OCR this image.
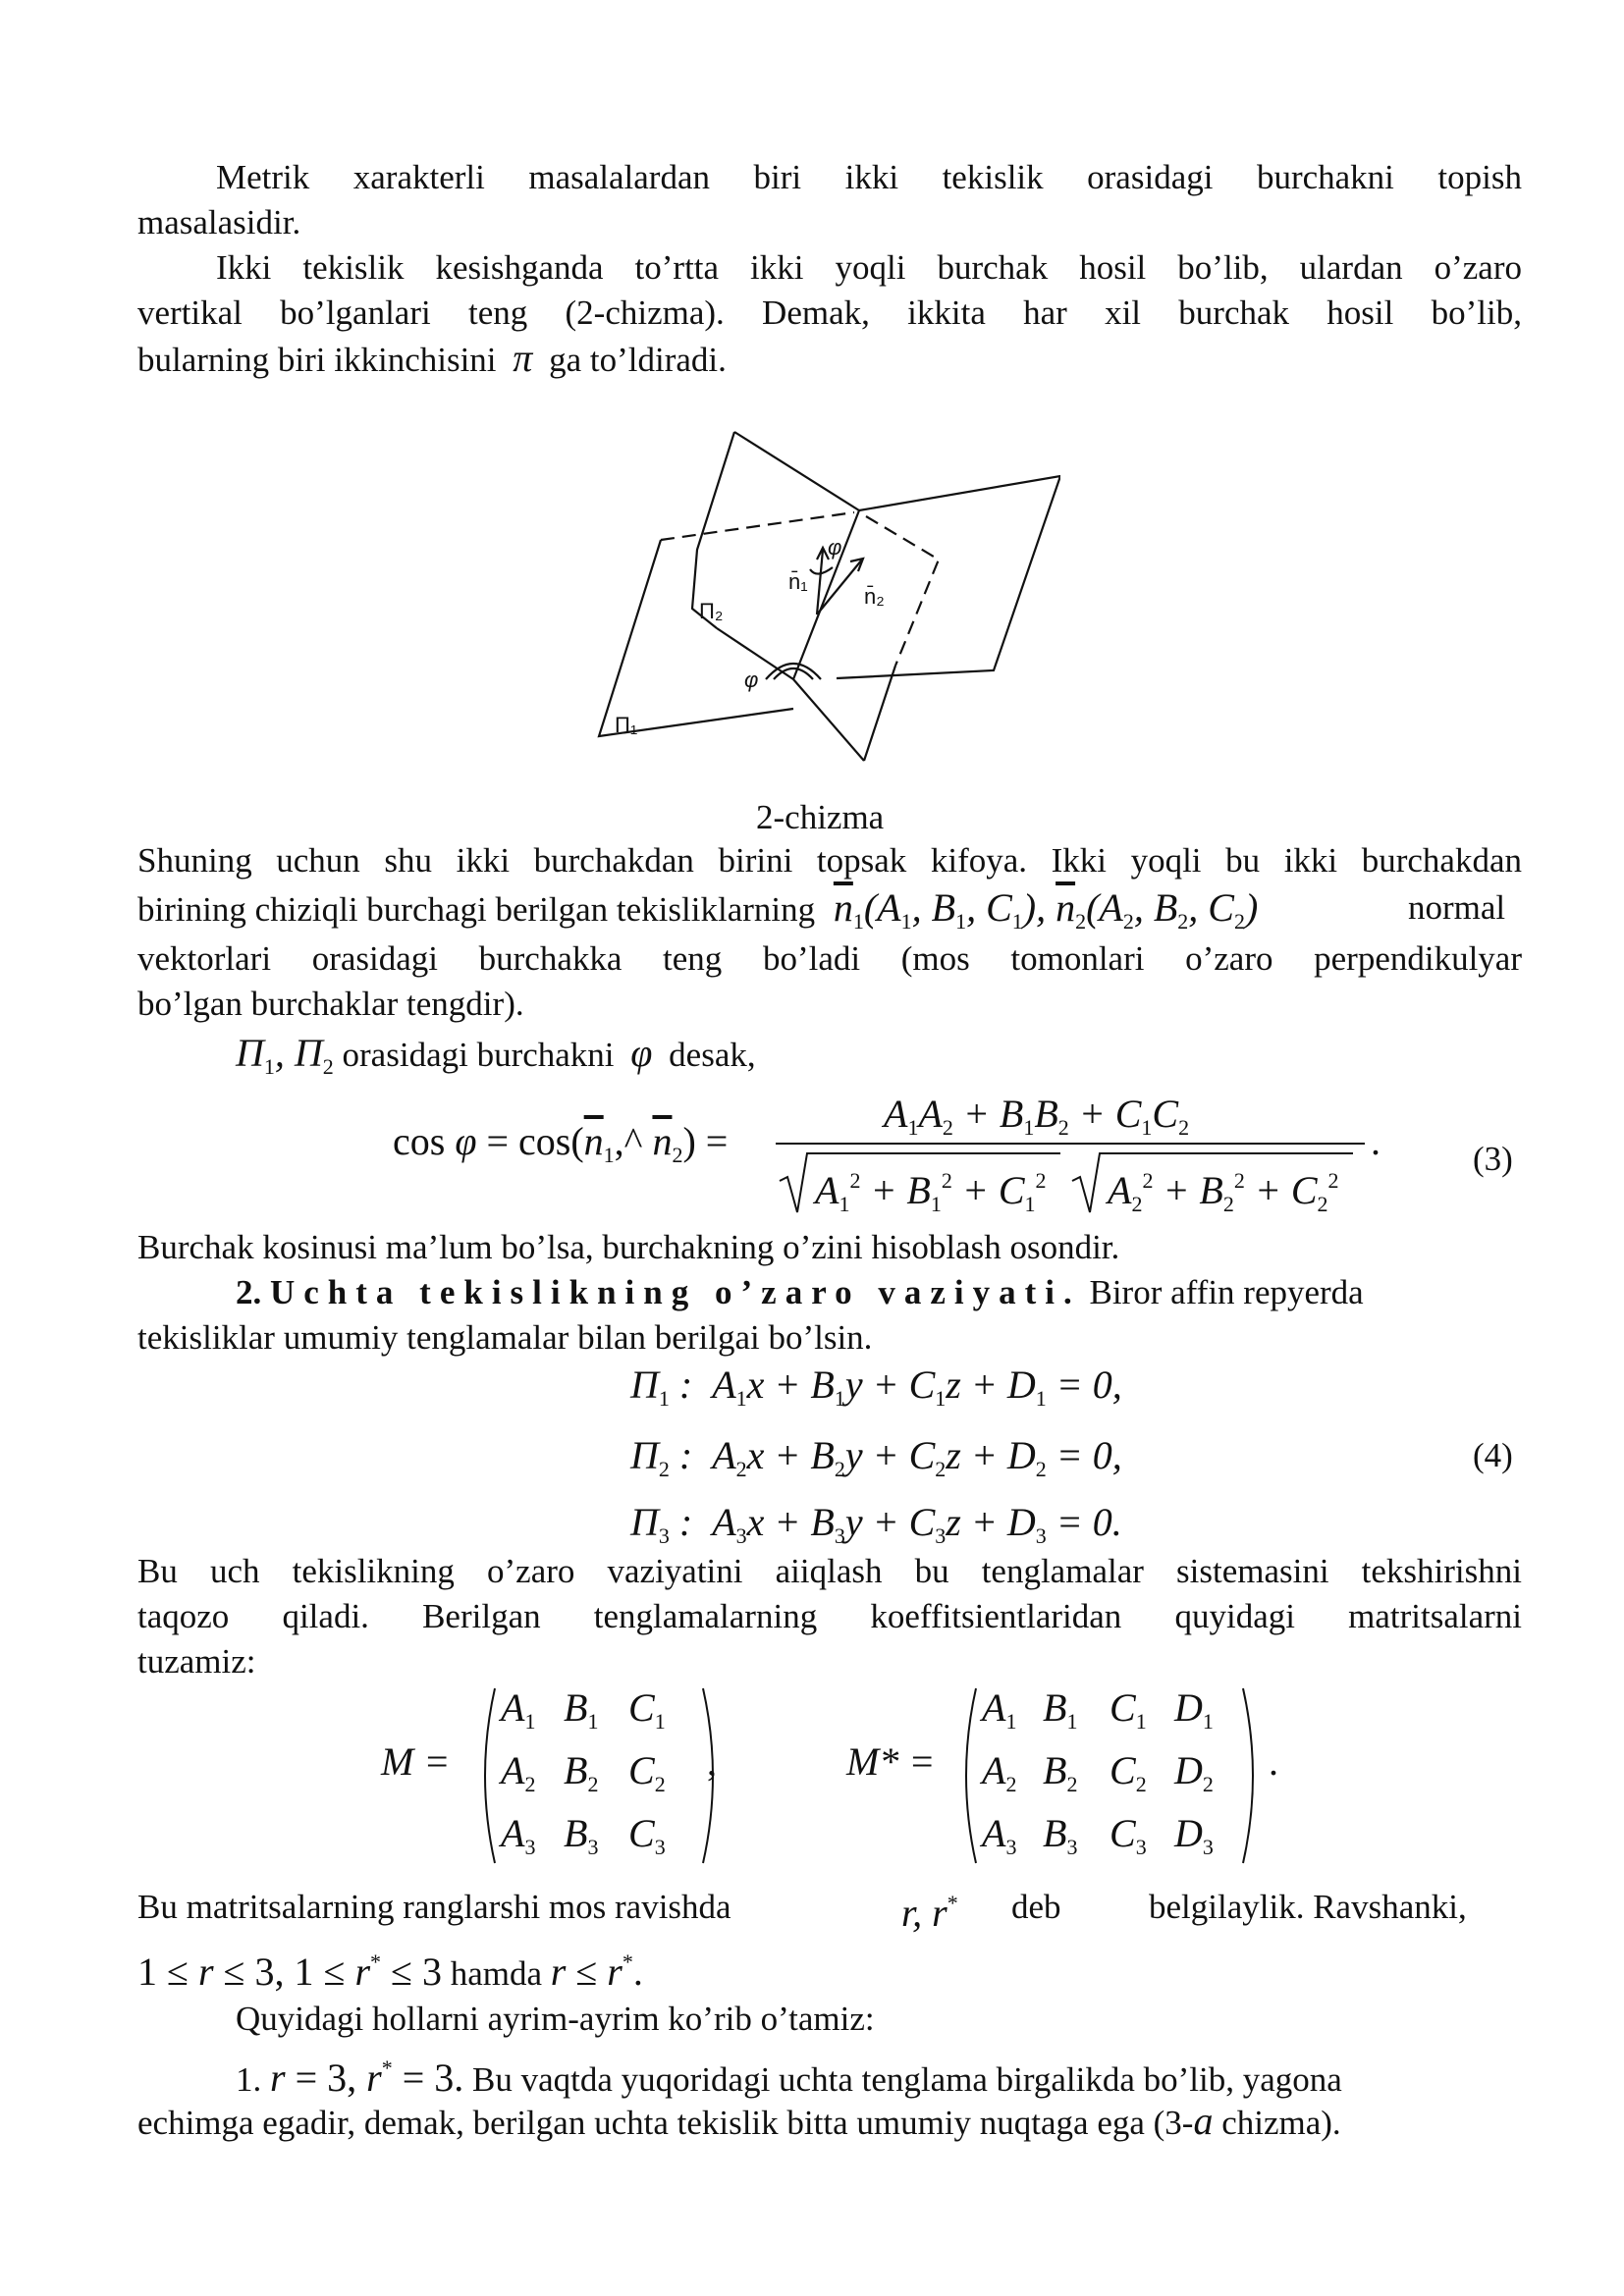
Metrik xarakterli masalalardan biri ikki tekislik orasidagi burchakni topish
masalasidir.
Ikki tekislik kesishganda to’rtta ikki yoqli burchak hosil bo’lib, ulardan o’zaro
vertikal bo’lganlari teng (2-chizma). Demak, ikkita har xil burchak hosil bo’lib,
bularning biri ikkinchisini π ga to’ldiradi.
Π₂
Π₁
n̄₁
n̄₂
φ
φ
2-chizma
Shuning uchun shu ikki burchakdan birini topsak kifoya. Ikki yoqli bu ikki burchakdan
birining chiziqli burchagi berilgan tekisliklarning $\overline{n}_1(A_1$, $B_1$, $C_1$), $\overline{n}_2(A_2$, $B_2$, $C_2$)	normal
vektorlari orasidagi burchakka teng bo’ladi (mos tomonlari o’zaro perpendikulyar
bo’lgan burchaklar tengdir).
$\Pi_1$, $\Pi_2$ orasidagi burchakni φ desak,
$\cos \varphi = \cos(\overline{n}_1,\^{}$ $\overline{n}_2$) =
$A_1A_2 + B_1B_2 + C_1C_2$
$A_1^2 + B_1^2 + C_1^2$ $A_2^2 + B_2^2 + C_2^2$
.	(3)
Burchak kosinusi ma’lum bo’lsa, burchakning o’zini hisoblash osondir.
2. Uchta tekislikning o’zaro vaziyati. Biror affin repyerda
tekisliklar umumiy tenglamalar bilan berilgai bo’lsin.
$\Pi_1$ :  $A_1x + B_1y + C_1z + D_1 = 0$,
$\Pi_2$ :  $A_2x + B_2y + C_2z + D_2 = 0$,
$\Pi_3$ :  $A_3x + B_3y + C_3z + D_3 = 0$.
(4)
Bu uch tekislikning o’zaro vaziyatini aiiqlash bu tenglamalar sistemasini tekshirishni
taqozo qiladi. Berilgan tenglamalarning koeffitsientlaridan quyidagi matritsalarni
tuzamiz:
M =
$A_1$ $B_1$ $C_1$
$A_2$ $B_2$ $C_2$
$A_3$ $B_3$ $C_3$
,	M* =
$A_1$ $B_1$ $C_1$ $D_1$
$A_2$ $B_2$ $C_2$ $D_2$
$A_3$ $B_3$ $C_3$ $D_3$
.
Bu matritsalarning ranglarshi mos ravishda	r, r* deb	belgilaylik. Ravshanki,
1 ≤ r ≤ 3, 1 ≤ r* ≤ 3 hamda r ≤ r*.
Quyidagi hollarni ayrim-ayrim ko’rib o’tamiz:
1. r = 3, r* = 3. Bu vaqtda yuqoridagi uchta tenglama birgalikda bo’lib, yagona
echimga egadir, demak, berilgan uchta tekislik bitta umumiy nuqtaga ega (3-a chizma).
